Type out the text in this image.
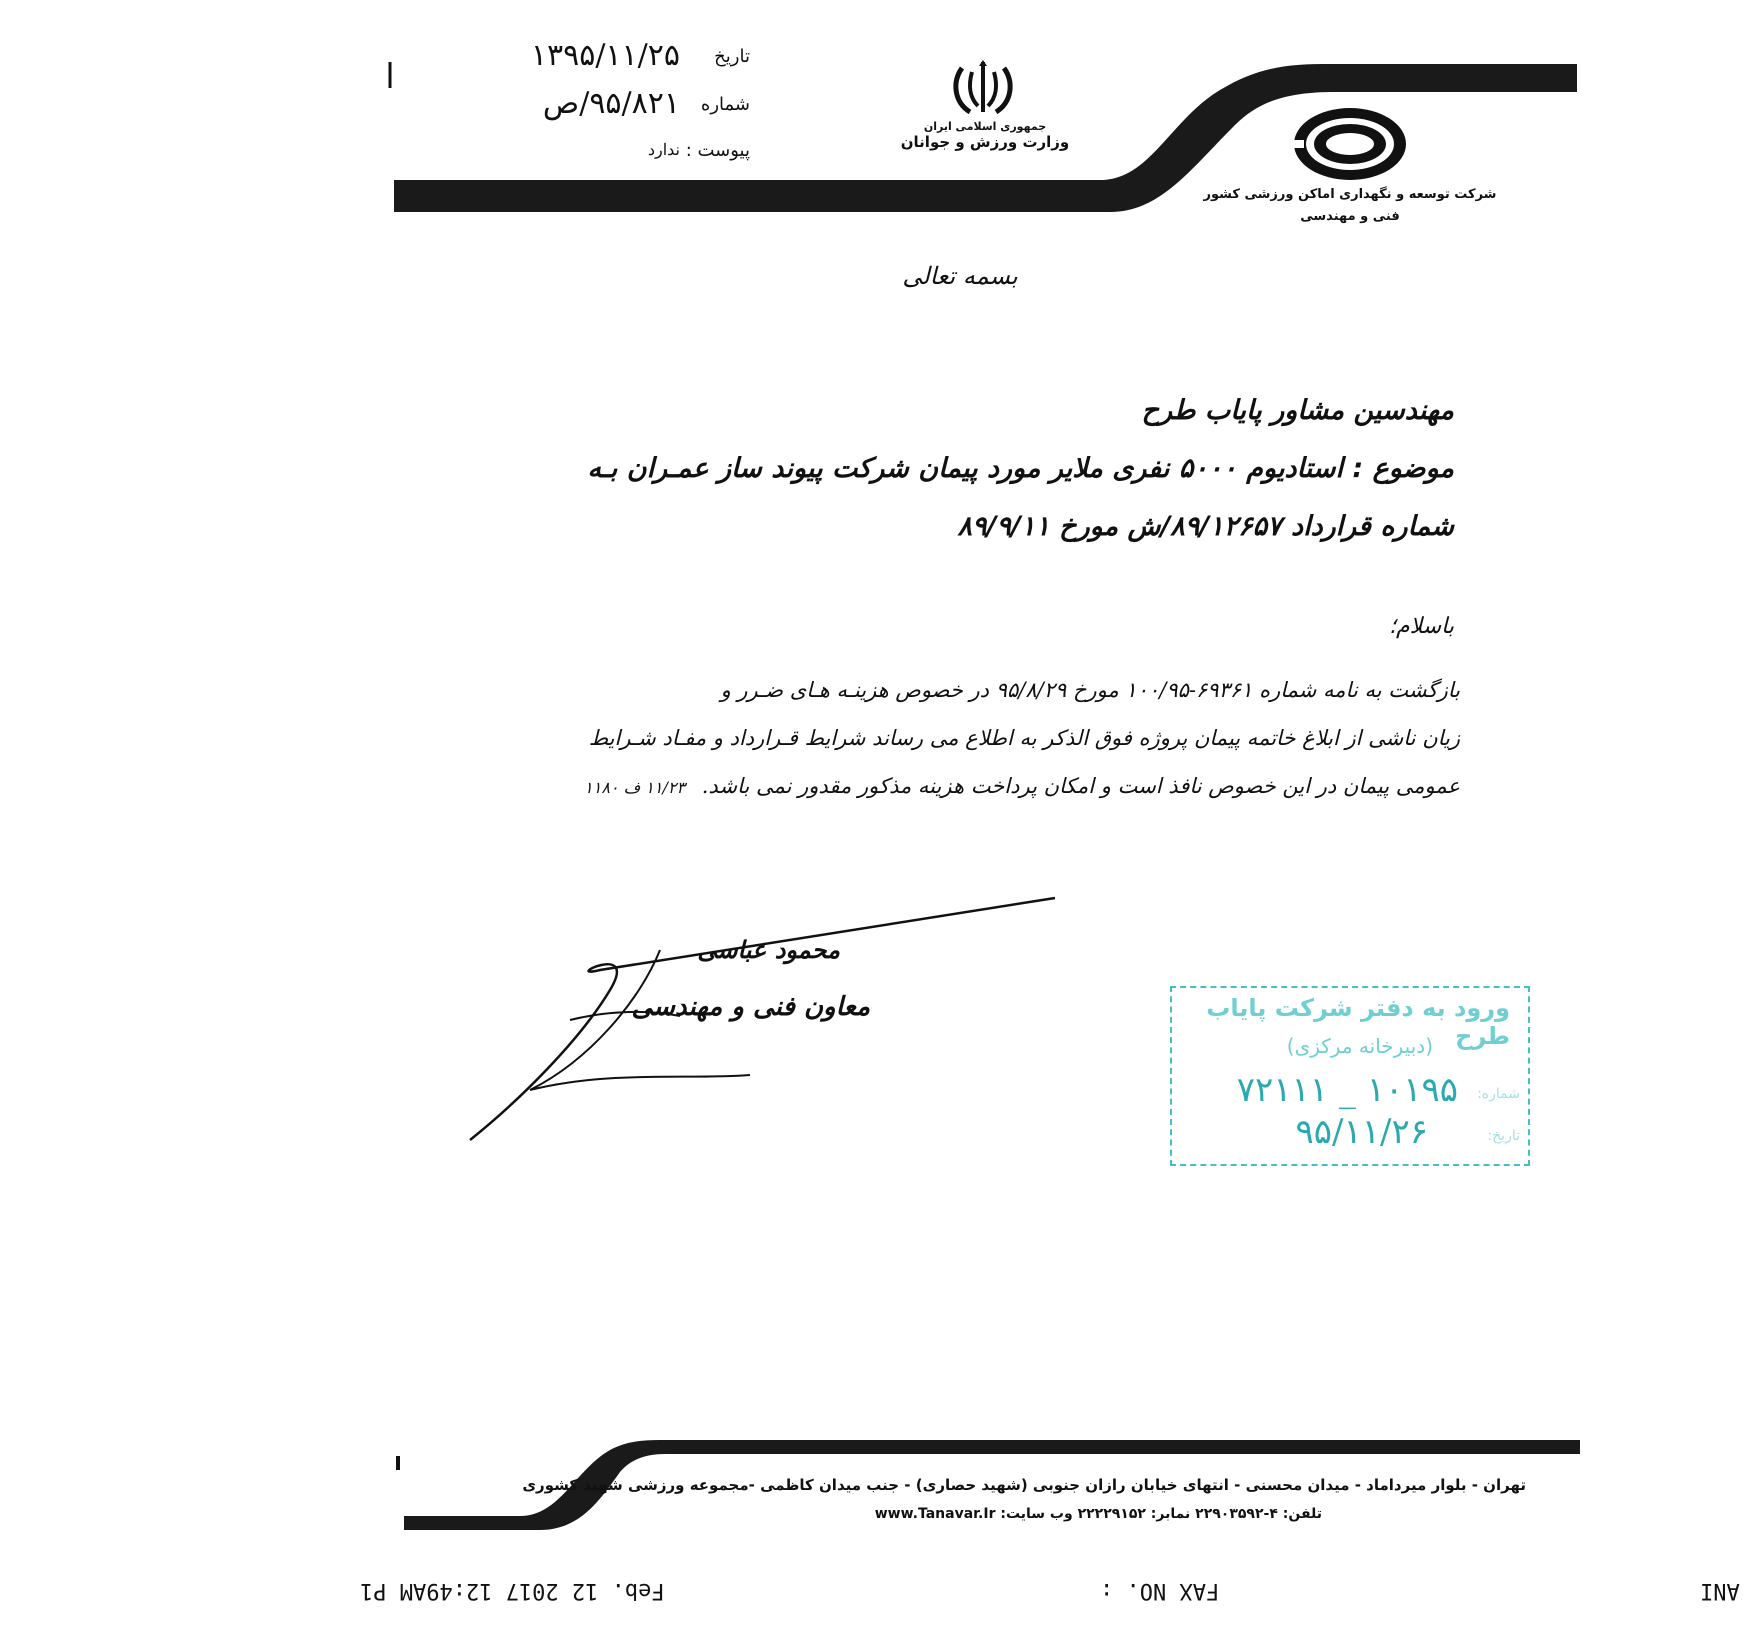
تاریخ
۱۳۹۵/۱۱/۲۵
شماره
۹۵/۸۲۱/ص
پیوست :
ندارد
جمهوری اسلامی ایران
وزارت ورزش و جوانان
شرکت توسعه و نگهداری اماکن ورزشی کشور
فنی و مهندسی
بسمه تعالی
مهندسین مشاور پایاب طرح
موضوع : استادیوم ۵۰۰۰ نفری ملایر مورد پیمان شرکت پیوند ساز عمـران بـه
شماره قرارداد ۸۹/۱۲۶۵۷/ش مورخ ۸۹/۹/۱۱
باسلام؛
بازگشت به نامه شماره ۶۹۳۶۱-۱۰۰/۹۵ مورخ ۹۵/۸/۲۹ در خصوص هزینـه هـای ضـرر و
زیان ناشی از ابلاغ خاتمه پیمان پروژه فوق الذکر به اطلاع می رساند شرایط قـرارداد و مفـاد شـرایط
عمومی پیمان در این خصوص نافذ است و امکان پرداخت هزینه مذکور مقدور نمی باشد. ۱۱/۲۳ ف ۱۱۸۰
محمود عباسی
معاون فنی و مهندسی	ورود به دفتر شرکت پایاب طرح
(دبیرخانه مرکزی)
شماره:
۱۰۱۹۵ _ ۷۲۱۱۱
تاریخ:
۹۵/۱۱/۲۶
تهران - بلوار میرداماد - میدان محسنی - انتهای خیابان رازان جنوبی (شهید حصاری) - جنب میدان کاظمی -مجموعه ورزشی شهید کشوری
تلفن: ۴-۲۲۹۰۳۵۹۲ نمابر: ۲۲۲۲۹۱۵۲ وب سایت: www.Tanavar.Ir
Feb. 12 2017 12:49AM P1	FAX NO. :	ANI
